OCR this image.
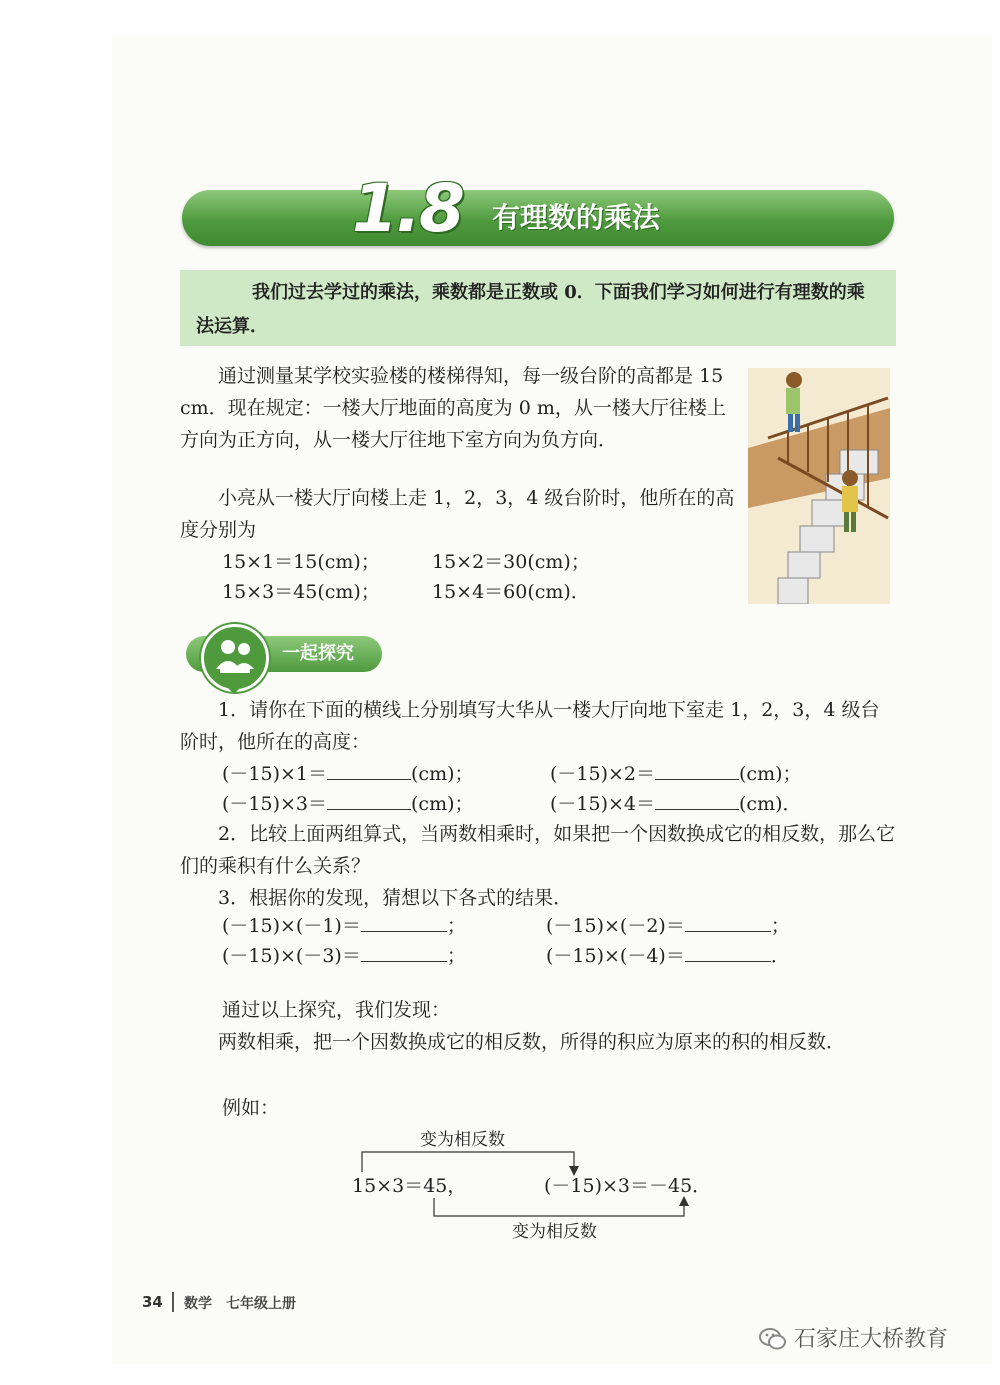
1.8 有理数的乘法
我们过去学过的乘法，乘数都是正数或 0．下面我们学习如何进行有理数的乘法运算．
通过测量某学校实验楼的楼梯得知，每一级台阶的高都是 15 cm．现在规定：一楼大厅地面的高度为 0 m，从一楼大厅往楼上方向为正方向，从一楼大厅往地下室方向为负方向．
小亮从一楼大厅向楼上走 1，2，3，4 级台阶时，他所在的高度分别为
15×1＝15(cm)；	15×2＝30(cm)；
15×3＝45(cm)；	15×4＝60(cm)．
一起探究
1．请你在下面的横线上分别填写大华从一楼大厅向地下室走 1，2，3，4 级台阶时，他所在的高度：
(－15)×1＝	(cm)；	(－15)×2＝	(cm)；
(－15)×3＝	(cm)；	(－15)×4＝	(cm)．
2．比较上面两组算式，当两数相乘时，如果把一个因数换成它的相反数，那么它们的乘积有什么关系？
3．根据你的发现，猜想以下各式的结果．
(－15)×(－1)＝	；	(－15)×(－2)＝	；
(－15)×(－3)＝	；	(－15)×(－4)＝	．
通过以上探究，我们发现：
两数相乘，把一个因数换成它的相反数，所得的积应为原来的积的相反数．
例如：
变为相反数
15×3＝45，	(－15)×3＝－45．
变为相反数
34 数学　七年级上册
石家庄大桥教育
